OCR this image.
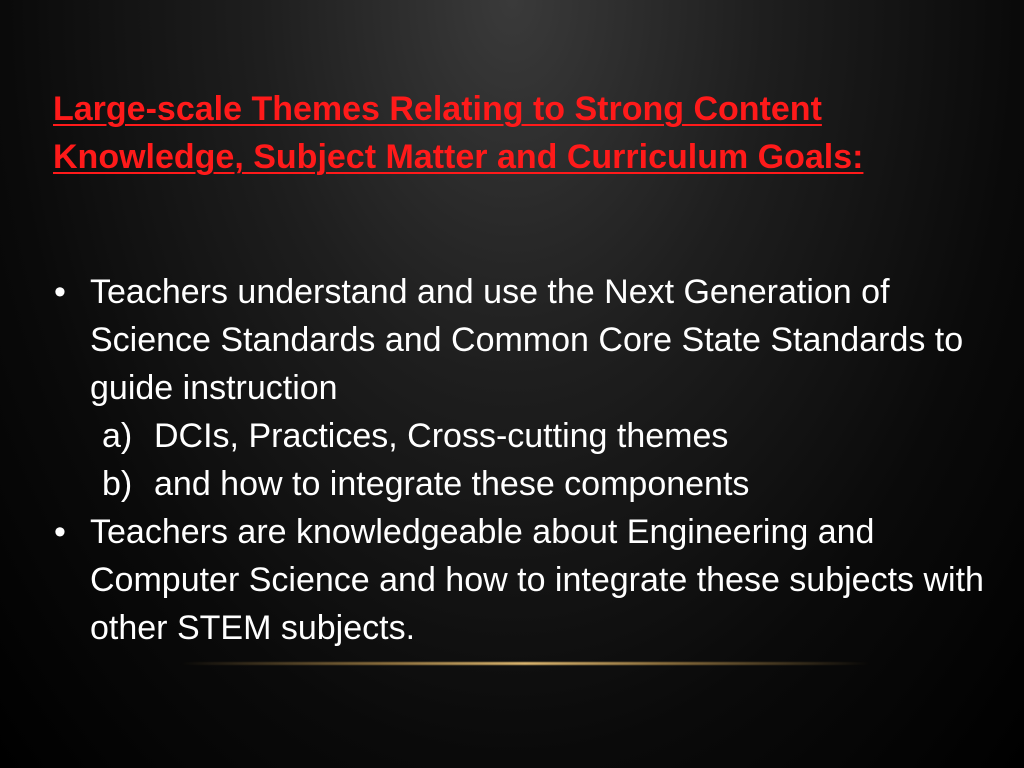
Large-scale Themes Relating to Strong Content Knowledge, Subject Matter and Curriculum Goals:
• Teachers understand and use the Next Generation of Science Standards and Common Core State Standards to guide instruction
a) DCIs, Practices, Cross-cutting themes
b) and how to integrate these components
• Teachers are knowledgeable about Engineering and Computer Science and how to integrate these subjects with other STEM subjects.
